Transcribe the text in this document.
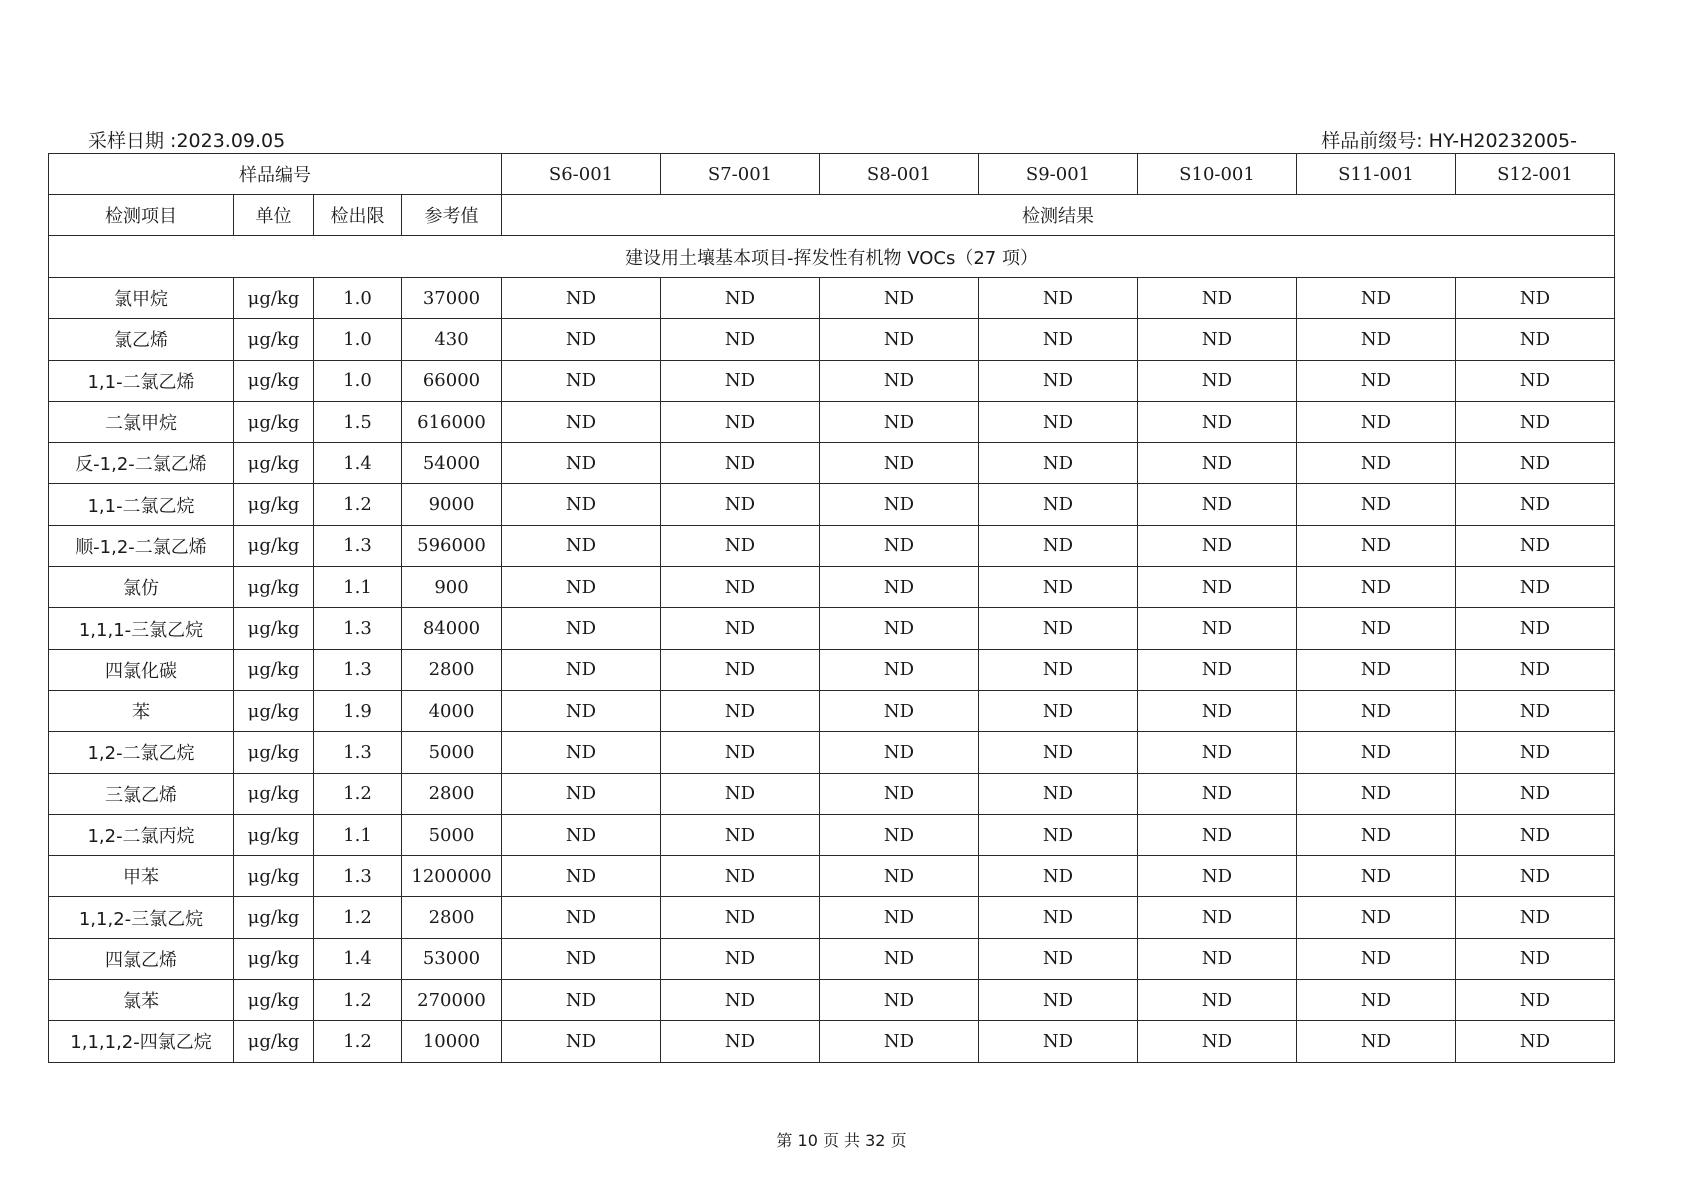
采样日期 :2023.09.05	样品前缀号: HY-H20232005-
样品编号				S6-001	S7-001	S8-001	S9-001	S10-001	S11-001	S12-001
检测项目	单位	检出限	参考值	检测结果						
建设用土壤基本项目-挥发性有机物 VOCs（27 项）										
氯甲烷	μg/kg	1.0	37000	ND	ND	ND	ND	ND	ND	ND
氯乙烯	μg/kg	1.0	430	ND	ND	ND	ND	ND	ND	ND
1,1-二氯乙烯	μg/kg	1.0	66000	ND	ND	ND	ND	ND	ND	ND
二氯甲烷	μg/kg	1.5	616000	ND	ND	ND	ND	ND	ND	ND
反-1,2-二氯乙烯	μg/kg	1.4	54000	ND	ND	ND	ND	ND	ND	ND
1,1-二氯乙烷	μg/kg	1.2	9000	ND	ND	ND	ND	ND	ND	ND
顺-1,2-二氯乙烯	μg/kg	1.3	596000	ND	ND	ND	ND	ND	ND	ND
氯仿	μg/kg	1.1	900	ND	ND	ND	ND	ND	ND	ND
1,1,1-三氯乙烷	μg/kg	1.3	84000	ND	ND	ND	ND	ND	ND	ND
四氯化碳	μg/kg	1.3	2800	ND	ND	ND	ND	ND	ND	ND
苯	μg/kg	1.9	4000	ND	ND	ND	ND	ND	ND	ND
1,2-二氯乙烷	μg/kg	1.3	5000	ND	ND	ND	ND	ND	ND	ND
三氯乙烯	μg/kg	1.2	2800	ND	ND	ND	ND	ND	ND	ND
1,2-二氯丙烷	μg/kg	1.1	5000	ND	ND	ND	ND	ND	ND	ND
甲苯	μg/kg	1.3	1200000	ND	ND	ND	ND	ND	ND	ND
1,1,2-三氯乙烷	μg/kg	1.2	2800	ND	ND	ND	ND	ND	ND	ND
四氯乙烯	μg/kg	1.4	53000	ND	ND	ND	ND	ND	ND	ND
氯苯	μg/kg	1.2	270000	ND	ND	ND	ND	ND	ND	ND
1,1,1,2-四氯乙烷	μg/kg	1.2	10000	ND	ND	ND	ND	ND	ND	ND
第 10 页 共 32 页
